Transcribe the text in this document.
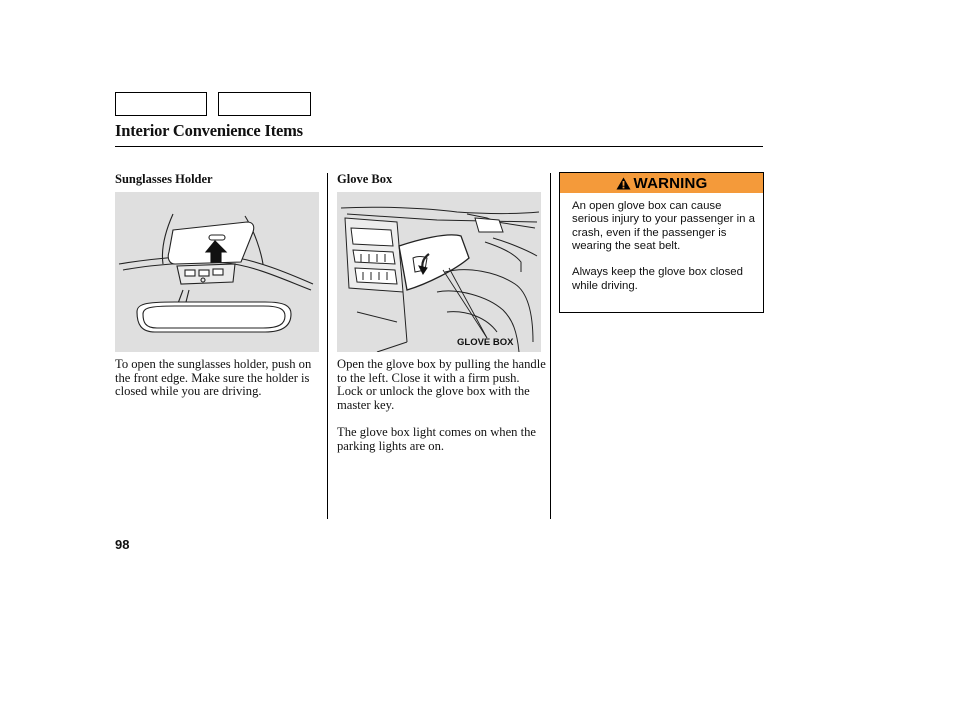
Interior Convenience Items
Sunglasses Holder
To open the sunglasses holder, push on the front edge. Make sure the holder is closed while you are driving.
Glove Box
GLOVE BOX

Open the glove box by pulling the handle to the left. Close it with a firm push. Lock or unlock the glove box with the master key.

The glove box light comes on when the parking lights are on.

WARNING

An open glove box can cause serious injury to your passenger in a crash, even if the passenger is wearing the seat belt.

Always keep the glove box closed while driving.

98
